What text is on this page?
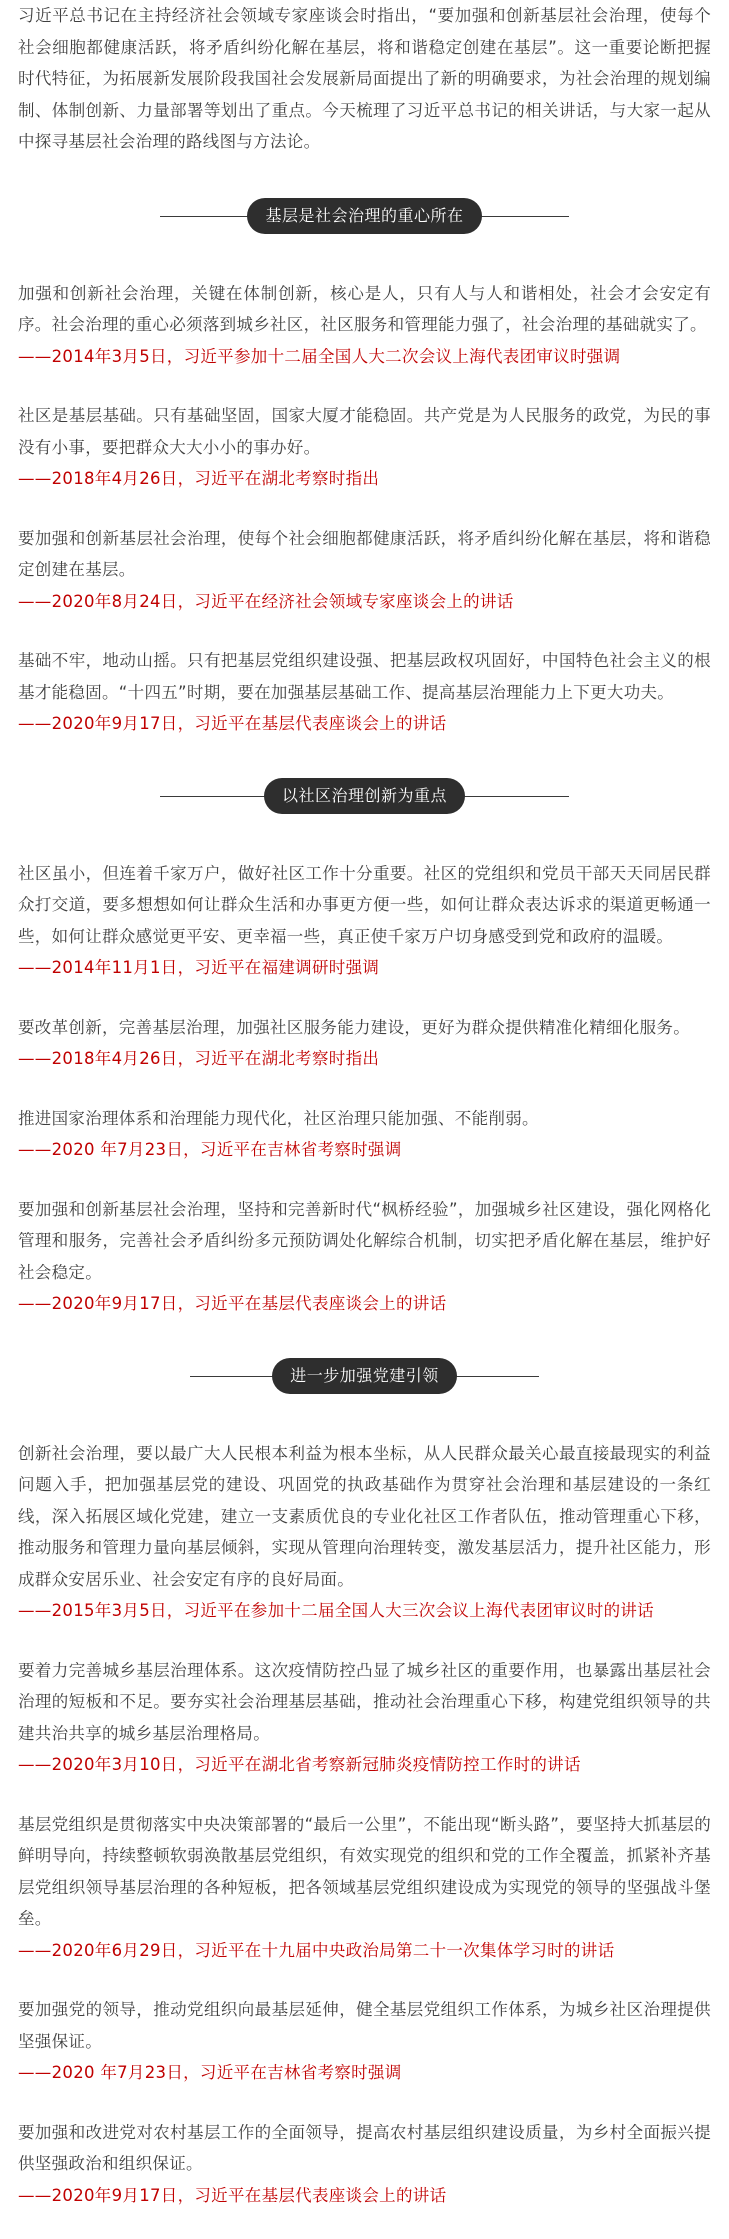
习近平总书记在主持经济社会领域专家座谈会时指出，“要加强和创新基层社会治理，使每个社会细胞都健康活跃，将矛盾纠纷化解在基层，将和谐稳定创建在基层”。这一重要论断把握时代特征，为拓展新发展阶段我国社会发展新局面提出了新的明确要求，为社会治理的规划编制、体制创新、力量部署等划出了重点。今天梳理了习近平总书记的相关讲话，与大家一起从中探寻基层社会治理的路线图与方法论。

基层是社会治理的重心所在

加强和创新社会治理，关键在体制创新，核心是人，只有人与人和谐相处，社会才会安定有序。社会治理的重心必须落到城乡社区，社区服务和管理能力强了，社会治理的基础就实了。

——2014年3月5日，习近平参加十二届全国人大二次会议上海代表团审议时强调

社区是基层基础。只有基础坚固，国家大厦才能稳固。共产党是为人民服务的政党，为民的事没有小事，要把群众大大小小的事办好。

——2018年4月26日，习近平在湖北考察时指出

要加强和创新基层社会治理，使每个社会细胞都健康活跃，将矛盾纠纷化解在基层，将和谐稳定创建在基层。

——2020年8月24日，习近平在经济社会领域专家座谈会上的讲话

基础不牢，地动山摇。只有把基层党组织建设强、把基层政权巩固好，中国特色社会主义的根基才能稳固。“十四五”时期，要在加强基层基础工作、提高基层治理能力上下更大功夫。

——2020年9月17日，习近平在基层代表座谈会上的讲话
以社区治理创新为重点

社区虽小，但连着千家万户，做好社区工作十分重要。社区的党组织和党员干部天天同居民群众打交道，要多想想如何让群众生活和办事更方便一些，如何让群众表达诉求的渠道更畅通一些，如何让群众感觉更平安、更幸福一些，真正使千家万户切身感受到党和政府的温暖。

——2014年11月1日，习近平在福建调研时强调

要改革创新，完善基层治理，加强社区服务能力建设，更好为群众提供精准化精细化服务。

——2018年4月26日，习近平在湖北考察时指出

推进国家治理体系和治理能力现代化，社区治理只能加强、不能削弱。

——2020 年7月23日，习近平在吉林省考察时强调

要加强和创新基层社会治理，坚持和完善新时代“枫桥经验”，加强城乡社区建设，强化网格化管理和服务，完善社会矛盾纠纷多元预防调处化解综合机制，切实把矛盾化解在基层，维护好社会稳定。

——2020年9月17日，习近平在基层代表座谈会上的讲话
进一步加强党建引领

创新社会治理，要以最广大人民根本利益为根本坐标，从人民群众最关心最直接最现实的利益问题入手，把加强基层党的建设、巩固党的执政基础作为贯穿社会治理和基层建设的一条红线，深入拓展区域化党建，建立一支素质优良的专业化社区工作者队伍，推动管理重心下移，推动服务和管理力量向基层倾斜，实现从管理向治理转变，激发基层活力，提升社区能力，形成群众安居乐业、社会安定有序的良好局面。

——2015年3月5日，习近平在参加十二届全国人大三次会议上海代表团审议时的讲话

要着力完善城乡基层治理体系。这次疫情防控凸显了城乡社区的重要作用，也暴露出基层社会治理的短板和不足。要夯实社会治理基层基础，推动社会治理重心下移，构建党组织领导的共建共治共享的城乡基层治理格局。

——2020年3月10日，习近平在湖北省考察新冠肺炎疫情防控工作时的讲话

基层党组织是贯彻落实中央决策部署的“最后一公里”，不能出现“断头路”，要坚持大抓基层的鲜明导向，持续整顿软弱涣散基层党组织，有效实现党的组织和党的工作全覆盖，抓紧补齐基层党组织领导基层治理的各种短板，把各领域基层党组织建设成为实现党的领导的坚强战斗堡垒。

——2020年6月29日，习近平在十九届中央政治局第二十一次集体学习时的讲话

要加强党的领导，推动党组织向最基层延伸，健全基层党组织工作体系，为城乡社区治理提供坚强保证。

——2020 年7月23日，习近平在吉林省考察时强调

要加强和改进党对农村基层工作的全面领导，提高农村基层组织建设质量，为乡村全面振兴提供坚强政治和组织保证。

——2020年9月17日，习近平在基层代表座谈会上的讲话
